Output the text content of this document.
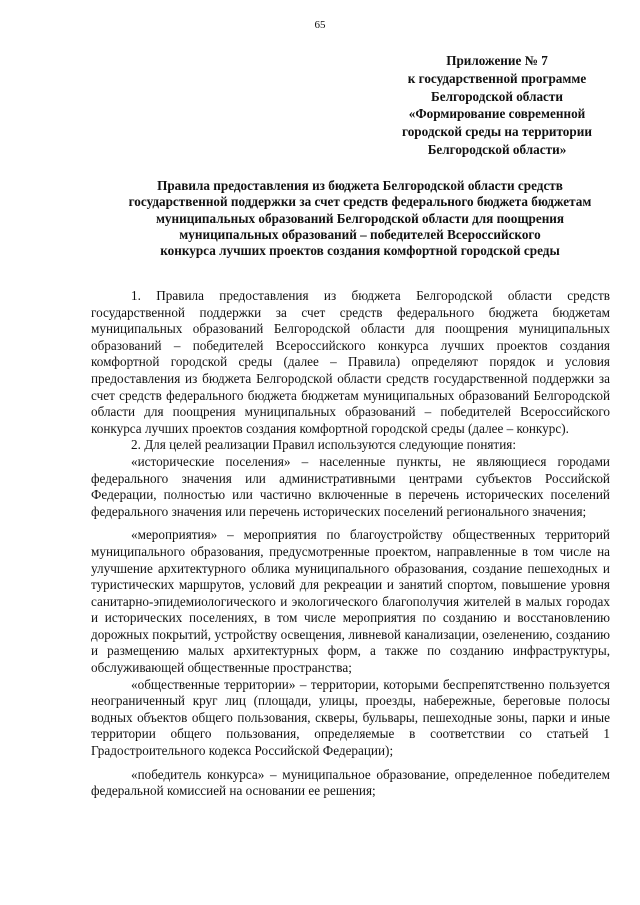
65
Приложение № 7
к государственной программе
Белгородской области
«Формирование современной
городской среды на территории
Белгородской области»
Правила предоставления из бюджета Белгородской области средств
государственной поддержки за счет средств федерального бюджета бюджетам
муниципальных образований Белгородской области для поощрения
муниципальных образований – победителей Всероссийского
конкурса лучших проектов создания комфортной городской среды

1. Правила предоставления из бюджета Белгородской области средств государственной поддержки за счет средств федерального бюджета бюджетам муниципальных образований Белгородской области для поощрения муниципальных образований – победителей Всероссийского конкурса лучших проектов создания комфортной городской среды (далее – Правила) определяют порядок и условия предоставления из бюджета Белгородской области средств государственной поддержки за счет средств федерального бюджета бюджетам муниципальных образований Белгородской области для поощрения муниципальных образований – победителей Всероссийского конкурса лучших проектов создания комфортной городской среды (далее – конкурс).

2. Для целей реализации Правил используются следующие понятия:

«исторические поселения» – населенные пункты, не являющиеся городами федерального значения или административными центрами субъектов Российской Федерации, полностью или частично включенные в перечень исторических поселений федерального значения или перечень исторических поселений регионального значения;

«мероприятия» – мероприятия по благоустройству общественных территорий муниципального образования, предусмотренные проектом, направленные в том числе на улучшение архитектурного облика муниципального образования, создание пешеходных и туристических маршрутов, условий для рекреации и занятий спортом, повышение уровня санитарно-эпидемиологического и экологического благополучия жителей в малых городах и исторических поселениях, в том числе мероприятия по созданию и восстановлению дорожных покрытий, устройству освещения, ливневой канализации, озеленению, созданию и размещению малых архитектурных форм, а также по созданию инфраструктуры, обслуживающей общественные пространства;

«общественные территории» – территории, которыми беспрепятственно пользуется неограниченный круг лиц (площади, улицы, проезды, набережные, береговые полосы водных объектов общего пользования, скверы, бульвары, пешеходные зоны, парки и иные территории общего пользования, определяемые в соответствии со статьей 1 Градостроительного кодекса Российской Федерации);

«победитель конкурса» – муниципальное образование, определенное победителем федеральной комиссией на основании ее решения;
